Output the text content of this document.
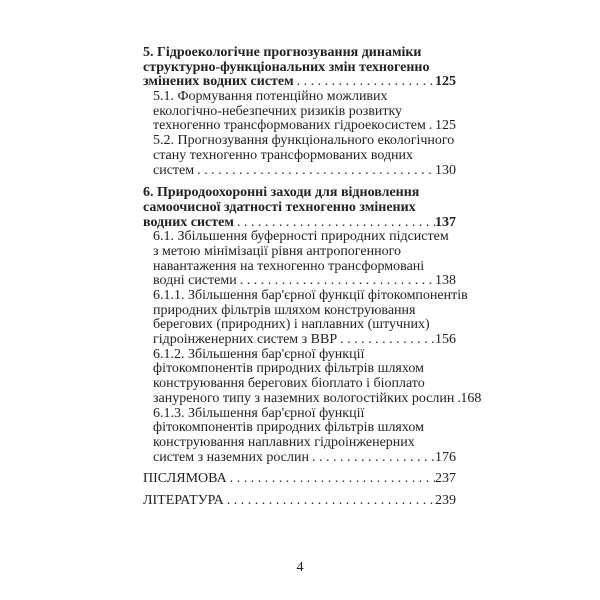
5. Гідроекологічне прогнозування динаміки
структурно-функціональних змін техногенно
змінених водних систем . . .	125
5.1. Формування потенційно можливих
екологічно-небезпечних ризиків розвитку
техногенно трансформованих гідроекосистем . . . 125
5.2. Прогнозування функціонального екологічного
стану техногенно трансформованих водних
систем . . .	130
6. Природоохоронні заходи для відновлення
самоочисної здатності техногенно змінених
водних систем . . .	137
6.1. Збільшення буферності природних підсистем
з метою мінімізації рівня антропогенного
навантаження на техногенно трансформовані
водні системи . . .	138
6.1.1. Збільшення бар'єрної функції фітокомпонентів
природних фільтрів шляхом конструювання
берегових (природних) і наплавних (штучних)
гідроінженерних систем з ВВР . . .	156
6.1.2. Збільшення бар'єрної функції
фітокомпонентів природних фільтрів шляхом
конструювання берегових біоплато і біоплато
зануреного типу з наземних вологостійких рослин . . . 168
6.1.3. Збільшення бар'єрної функції
фітокомпонентів природних фільтрів шляхом
конструювання наплавних гідроінженерних
систем з наземних рослин . . .	176
ПІСЛЯМОВА . . .	237
ЛІТЕРАТУРА . . .	239
4
